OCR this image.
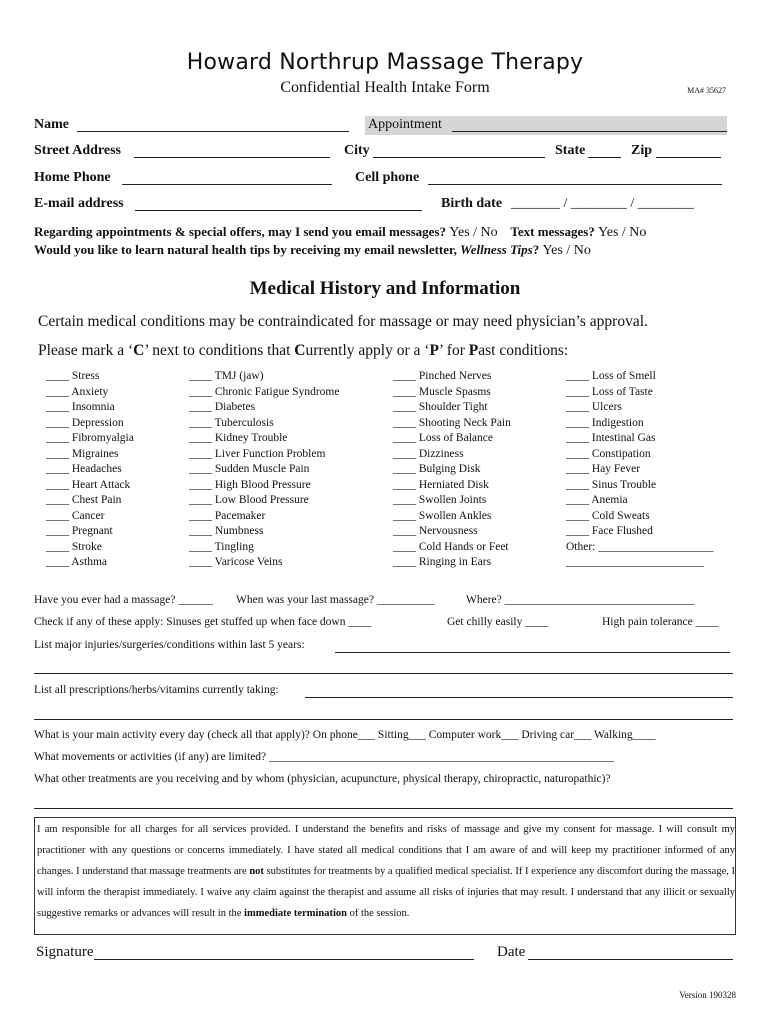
Howard Northrup Massage Therapy
Confidential Health Intake Form	MA# 35627
Name	Appointment
Street Address	City	State	Zip
Home Phone	Cell phone
E-mail address	Birth date _______ / ________ / ________
Regarding appointments & special offers, may I send you email messages? Yes / No Text messages? Yes / No
Would you like to learn natural health tips by receiving my email newsletter, Wellness Tips? Yes / No
Medical History and Information
Certain medical conditions may be contraindicated for massage or may need physician’s approval.
Please mark a ‘C’ next to conditions that Currently apply or a ‘P’ for Past conditions:
____ Stress
____ Anxiety
____ Insomnia
____ Depression
____ Fibromyalgia
____ Migraines
____ Headaches
____ Heart Attack
____ Chest Pain
____ Cancer
____ Pregnant
____ Stroke
____ Asthma
____ TMJ (jaw)
____ Chronic Fatigue Syndrome
____ Diabetes
____ Tuberculosis
____ Kidney Trouble
____ Liver Function Problem
____ Sudden Muscle Pain
____ High Blood Pressure
____ Low Blood Pressure
____ Pacemaker
____ Numbness
____ Tingling
____ Varicose Veins
____ Pinched Nerves
____ Muscle Spasms
____ Shoulder Tight
____ Shooting Neck Pain
____ Loss of Balance
____ Dizziness
____ Bulging Disk
____ Herniated Disk
____ Swollen Joints
____ Swollen Ankles
____ Nervousness
____ Cold Hands or Feet
____ Ringing in Ears
____ Loss of Smell
____ Loss of Taste
____ Ulcers
____ Indigestion
____ Intestinal Gas
____ Constipation
____ Hay Fever
____ Sinus Trouble
____ Anemia
____ Cold Sweats
____ Face Flushed
Other: ____________________
________________________
Have you ever had a massage? ______ When was your last massage? __________	Where? _________________________________
Check if any of these apply: Sinuses get stuffed up when face down ____	Get chilly easily ____	High pain tolerance ____
List major injuries/surgeries/conditions within last 5 years:
List all prescriptions/herbs/vitamins currently taking:
What is your main activity every day (check all that apply)? On phone___ Sitting___ Computer work___ Driving car___ Walking____
What movements or activities (if any) are limited? ____________________________________________________________
What other treatments are you receiving and by whom (physician, acupuncture, physical therapy, chiropractic, naturopathic)?
I am responsible for all charges for all services provided. I understand the benefits and risks of massage and give my consent for massage. I will consult my practitioner with any questions or concerns immediately. I have stated all medical conditions that I am aware of and will keep my practitioner informed of any changes. I understand that massage treatments are not substitutes for treatments by a qualified medical specialist. If I experience any discomfort during the massage, I will inform the therapist immediately. I waive any claim against the therapist and assume all risks of injuries that may result. I understand that any illicit or sexually suggestive remarks or advances will result in the immediate termination of the session.
Signature	Date
Version 190328
